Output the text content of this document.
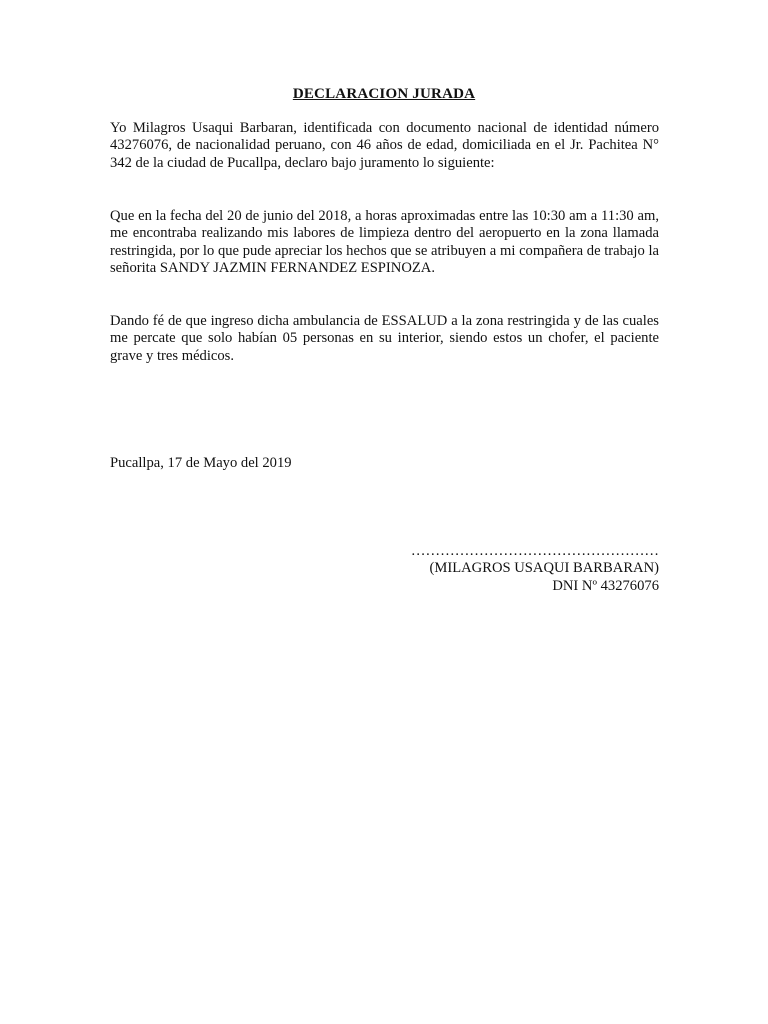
DECLARACION JURADA

Yo Milagros Usaqui Barbaran, identificada con documento nacional de identidad número 43276076, de nacionalidad peruano, con 46 años de edad, domiciliada en el Jr. Pachitea N° 342 de la ciudad de Pucallpa, declaro bajo juramento lo siguiente:

Que en la fecha del 20 de junio del 2018, a horas aproximadas entre las 10:30 am a 11:30 am, me encontraba realizando mis labores de limpieza dentro del aeropuerto en la zona llamada restringida, por lo que pude apreciar los hechos que se atribuyen a mi compañera de trabajo la señorita SANDY JAZMIN FERNANDEZ ESPINOZA.

Dando fé de que ingreso dicha ambulancia de ESSALUD a la zona restringida y de las cuales me percate que solo habían 05 personas en su interior, siendo estos un chofer, el paciente grave y tres médicos.

Pucallpa, 17 de Mayo del 2019

……………………………………………
(MILAGROS USAQUI BARBARAN)
DNI Nº 43276076
